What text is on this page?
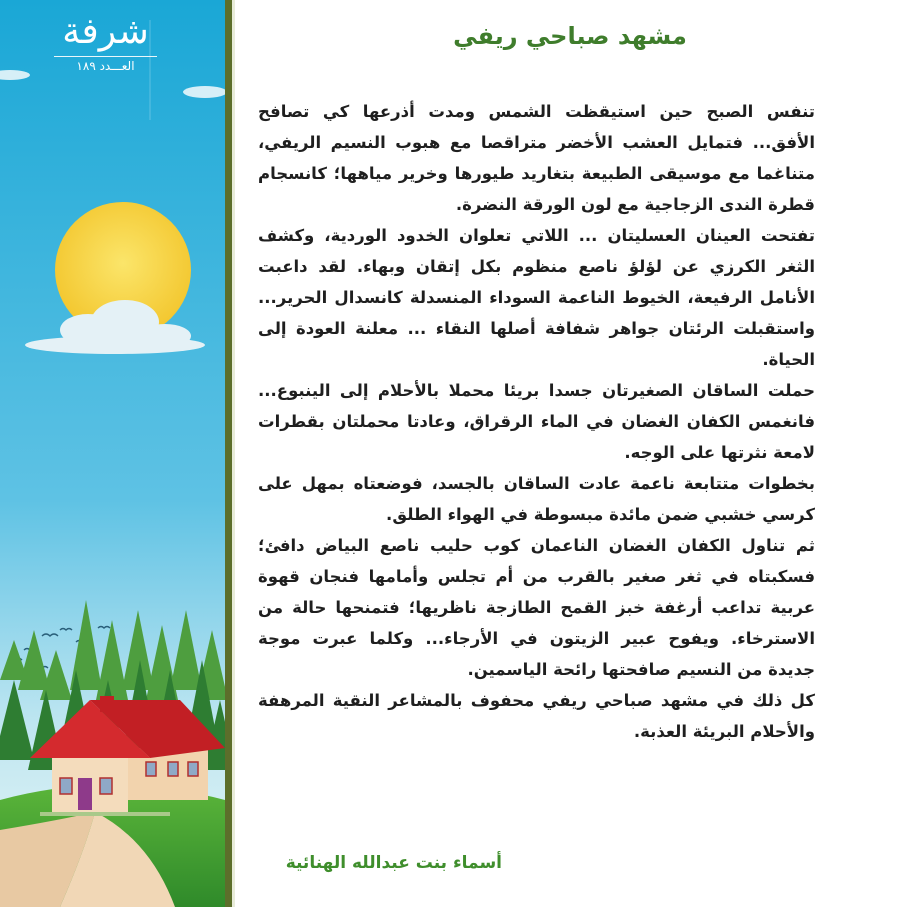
شرفة
العـــدد ١٨٩
مشهد صباحي ريفي

تنفس الصبح حين استيقظت الشمس ومدت أذرعها كي تصافح الأفق... فتمايل العشب الأخضر متراقصا مع هبوب النسيم الريفي، متناغما مع موسيقى الطبيعة بتغاريد طيورها وخرير مياهها؛ كانسجام قطرة الندى الزجاجية مع لون الورقة النضرة.

تفتحت العينان العسليتان ... اللاتي تعلوان الخدود الوردية، وكشف الثغر الكرزي عن لؤلؤ ناصع منظوم بكل إتقان وبهاء. لقد داعبت الأنامل الرفيعة، الخيوط الناعمة السوداء المنسدلة كانسدال الحرير... واستقبلت الرئتان جواهر شفافة أصلها النقاء ... معلنة العودة إلى الحياة.

حملت الساقان الصغيرتان جسدا بريئا محملا بالأحلام إلى الينبوع... فانغمس الكفان الغضان في الماء الرقراق، وعادتا محملتان بقطرات لامعة نثرتها على الوجه.

بخطوات متتابعة ناعمة عادت الساقان بالجسد، فوضعتاه بمهل على كرسي خشبي ضمن مائدة مبسوطة في الهواء الطلق.

ثم تناول الكفان الغضان الناعمان كوب حليب ناصع البياض دافئ؛ فسكبتاه في ثغر صغير بالقرب من أم تجلس وأمامها فنجان قهوة عربية تداعب أرغفة خبز القمح الطازجة ناظريها؛ فتمنحها حالة من الاسترخاء. ويفوح عبير الزيتون في الأرجاء... وكلما عبرت موجة جديدة من النسيم صافحتها رائحة الياسمين.

كل ذلك في مشهد صباحي ريفي محفوف بالمشاعر النقية المرهفة والأحلام البريئة العذبة.

أسماء بنت عبدالله الهنائية
